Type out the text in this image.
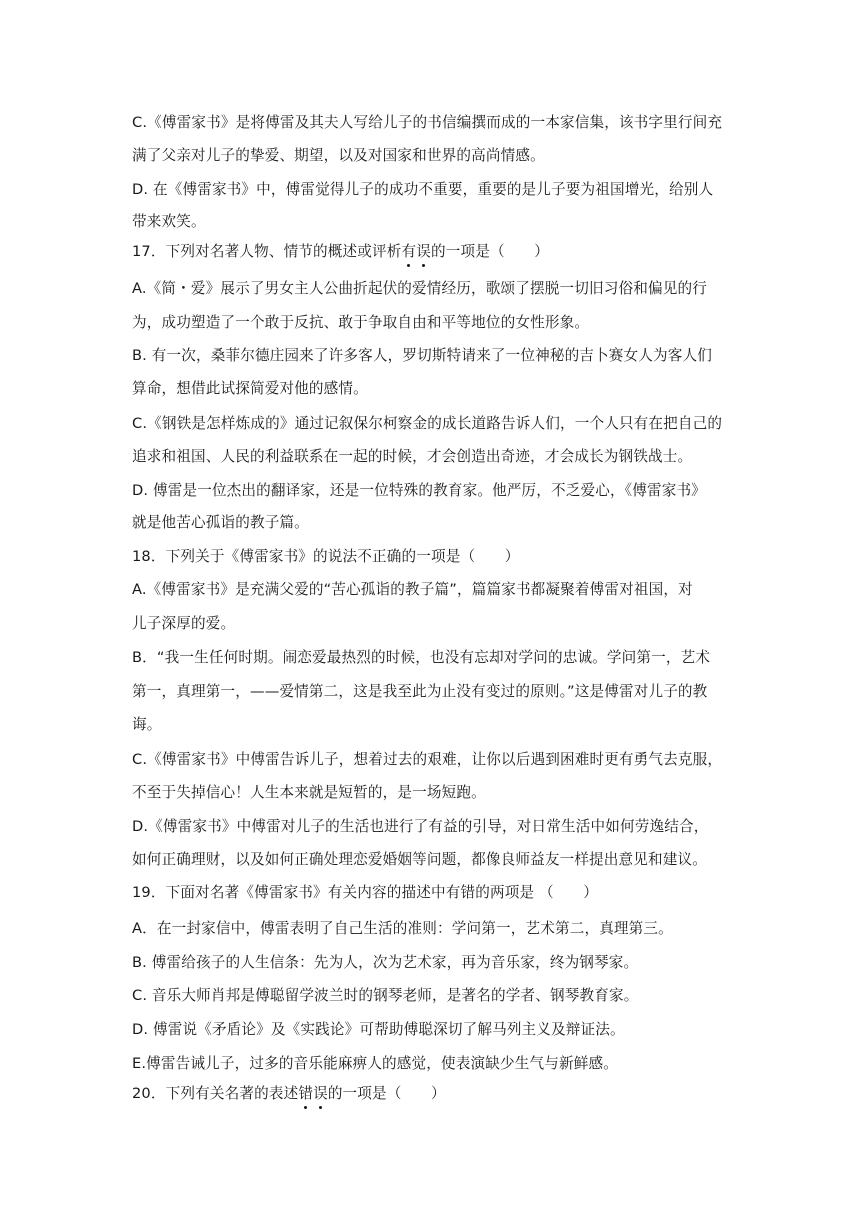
C.《傅雷家书》是将傅雷及其夫人写给儿子的书信编撰而成的一本家信集，该书字里行间充
满了父亲对儿子的挚爱、期望，以及对国家和世界的高尚情感。
D. 在《傅雷家书》中，傅雷觉得儿子的成功不重要，重要的是儿子要为祖国增光，给别人
带来欢笑。
17．下列对名著人物、情节的概述或评析有误的一项是（　　）
A.《简・爱》展示了男女主人公曲折起伏的爱情经历，歌颂了摆脱一切旧习俗和偏见的行
为，成功塑造了一个敢于反抗、敢于争取自由和平等地位的女性形象。
B. 有一次，桑菲尔德庄园来了许多客人，罗切斯特请来了一位神秘的吉卜赛女人为客人们
算命，想借此试探简爱对他的感情。
C.《钢铁是怎样炼成的》通过记叙保尔柯察金的成长道路告诉人们，一个人只有在把自己的
追求和祖国、人民的利益联系在一起的时候，才会创造出奇迹，才会成长为钢铁战士。
D. 傅雷是一位杰出的翻译家，还是一位特殊的教育家。他严厉，不乏爱心，《傅雷家书》
就是他苦心孤诣的教子篇。
18．下列关于《傅雷家书》的说法不正确的一项是（　　）
A.《傅雷家书》是充满父爱的“苦心孤诣的教子篇”，篇篇家书都凝聚着傅雷对祖国，对
儿子深厚的爱。
B．“我一生任何时期。闹恋爱最热烈的时候，也没有忘却对学问的忠诚。学问第一，艺术
第一，真理第一，——爱情第二，这是我至此为止没有变过的原则。”这是傅雷对儿子的教
诲。
C.《傅雷家书》中傅雷告诉儿子，想着过去的艰难，让你以后遇到困难时更有勇气去克服，
不至于失掉信心！人生本来就是短暂的，是一场短跑。
D.《傅雷家书》中傅雷对儿子的生活也进行了有益的引导，对日常生活中如何劳逸结合，
如何正确理财，以及如何正确处理恋爱婚姻等问题，都像良师益友一样提出意见和建议。
19．下面对名著《傅雷家书》有关内容的描述中有错的两项是 （　　）
A．在一封家信中，傅雷表明了自己生活的准则：学问第一，艺术第二，真理第三。
B. 傅雷给孩子的人生信条：先为人，次为艺术家，再为音乐家，终为钢琴家。
C. 音乐大师肖邦是傅聪留学波兰时的钢琴老师，是著名的学者、钢琴教育家。
D. 傅雷说《矛盾论》及《实践论》可帮助傅聪深切了解马列主义及辩证法。
E.傅雷告诫儿子，过多的音乐能麻痹人的感觉，使表演缺少生气与新鲜感。
20．下列有关名著的表述错误的一项是（　　）
